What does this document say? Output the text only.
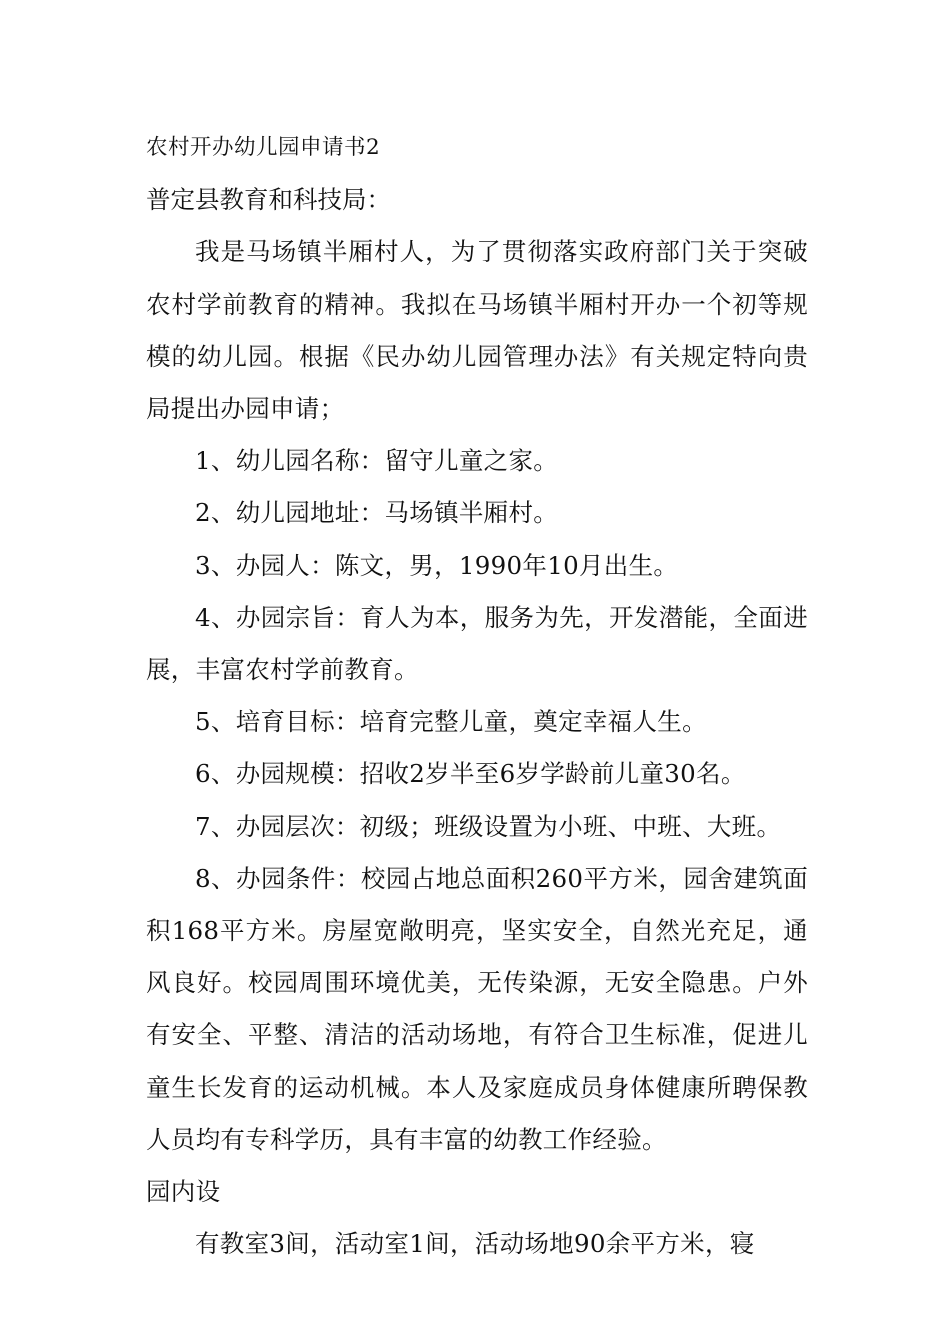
农村开办幼儿园申请书2

普定县教育和科技局：

我是马场镇半厢村人，为了贯彻落实政府部门关于突破农村学前教育的精神。我拟在马场镇半厢村开办一个初等规模的幼儿园。根据《民办幼儿园管理办法》有关规定特向贵局提出办园申请；

1、幼儿园名称：留守儿童之家。

2、幼儿园地址：马场镇半厢村。

3、办园人：陈文，男，1990年10月出生。

4、办园宗旨：育人为本，服务为先，开发潜能，全面进展，丰富农村学前教育。

5、培育目标：培育完整儿童，奠定幸福人生。

6、办园规模：招收2岁半至6岁学龄前儿童30名。

7、办园层次：初级；班级设置为小班、中班、大班。

8、办园条件：校园占地总面积260平方米，园舍建筑面积168平方米。房屋宽敞明亮，坚实安全，自然光充足，通风良好。校园周围环境优美，无传染源，无安全隐患。户外有安全、平整、清洁的活动场地，有符合卫生标准，促进儿童生长发育的运动机械。本人及家庭成员身体健康所聘保教人员均有专科学历，具有丰富的幼教工作经验。

园内设

有教室3间，活动室1间，活动场地90余平方米，寝
